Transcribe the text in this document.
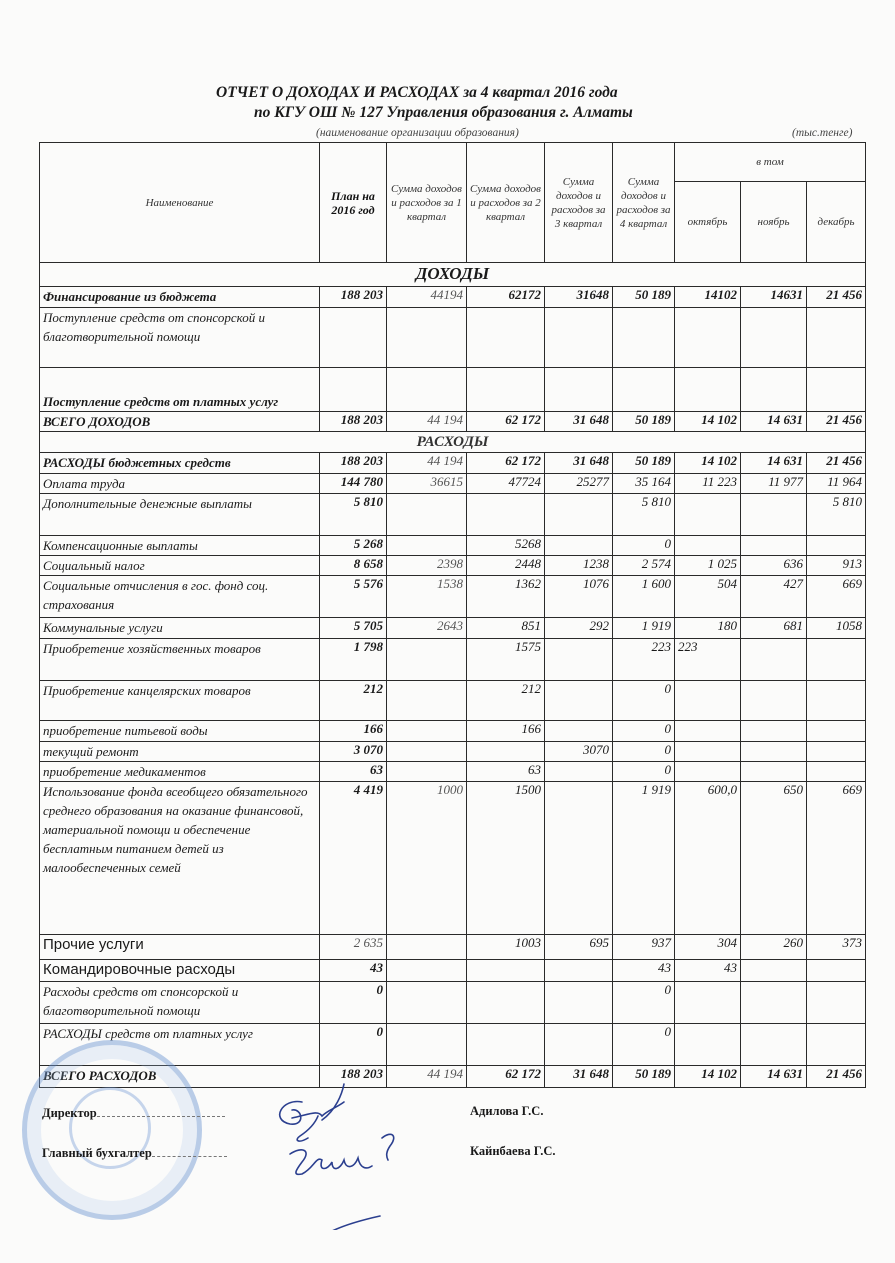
ОТЧЕТ О ДОХОДАХ И РАСХОДАХ за 4 квартал 2016 года
по КГУ ОШ № 127 Управления образования г. Алматы
(наименование организации образования)	(тыс.тенге)
Наименование	План на 2016 год	Сумма доходов и расходов за 1 квартал	Сумма доходов и расходов за 2 квартал	Сумма доходов и расходов за 3 квартал	Сумма доходов и расходов за 4 квартал	в том		
						октябрь	ноябрь	декабрь
ДОХОДЫ								
Финансирование из бюджета	188 203	44194	62172	31648	50 189	14102	14631	21 456
Поступление средств от спонсорской и благотворительной помощи								
Поступление средств от платных услуг								
ВСЕГО ДОХОДОВ	188 203	44 194	62 172	31 648	50 189	14 102	14 631	21 456
РАСХОДЫ								
РАСХОДЫ бюджетных средств	188 203	44 194	62 172	31 648	50 189	14 102	14 631	21 456
Оплата труда	144 780	36615	47724	25277	35 164	11 223	11 977	11 964
Дополнительные денежные выплаты	5 810				5 810			5 810
Компенсационные выплаты	5 268		5268		0			
Социальный налог	8 658	2398	2448	1238	2 574	1 025	636	913
Социальные отчисления в гос. фонд соц. страхования	5 576	1538	1362	1076	1 600	504	427	669
Коммунальные услуги	5 705	2643	851	292	1 919	180	681	1058
Приобретение хозяйственных товаров	1 798		1575		223	223		
Приобретение канцелярских товаров	212		212		0			
приобретение питьевой воды	166		166		0			
текущий ремонт	3 070			3070	0			
приобретение медикаментов	63		63		0			
Использование фонда всеобщего обязательного среднего образования на оказание финансовой, материальной помощи и обеспечение бесплатным питанием детей из малообеспеченных семей	4 419	1000	1500		1 919	600,0	650	669
Прочие услуги	2 635		1003	695	937	304	260	373
Командировочные расходы	43				43	43		
Расходы средств от спонсорской и благотворительной помощи	0				0			
РАСХОДЫ средств от платных услуг	0				0			
ВСЕГО РАСХОДОВ	188 203	44 194	62 172	31 648	50 189	14 102	14 631	21 456
Директор
Главный бухгалтер
Адилова Г.С.
Кайнбаева Г.С.
